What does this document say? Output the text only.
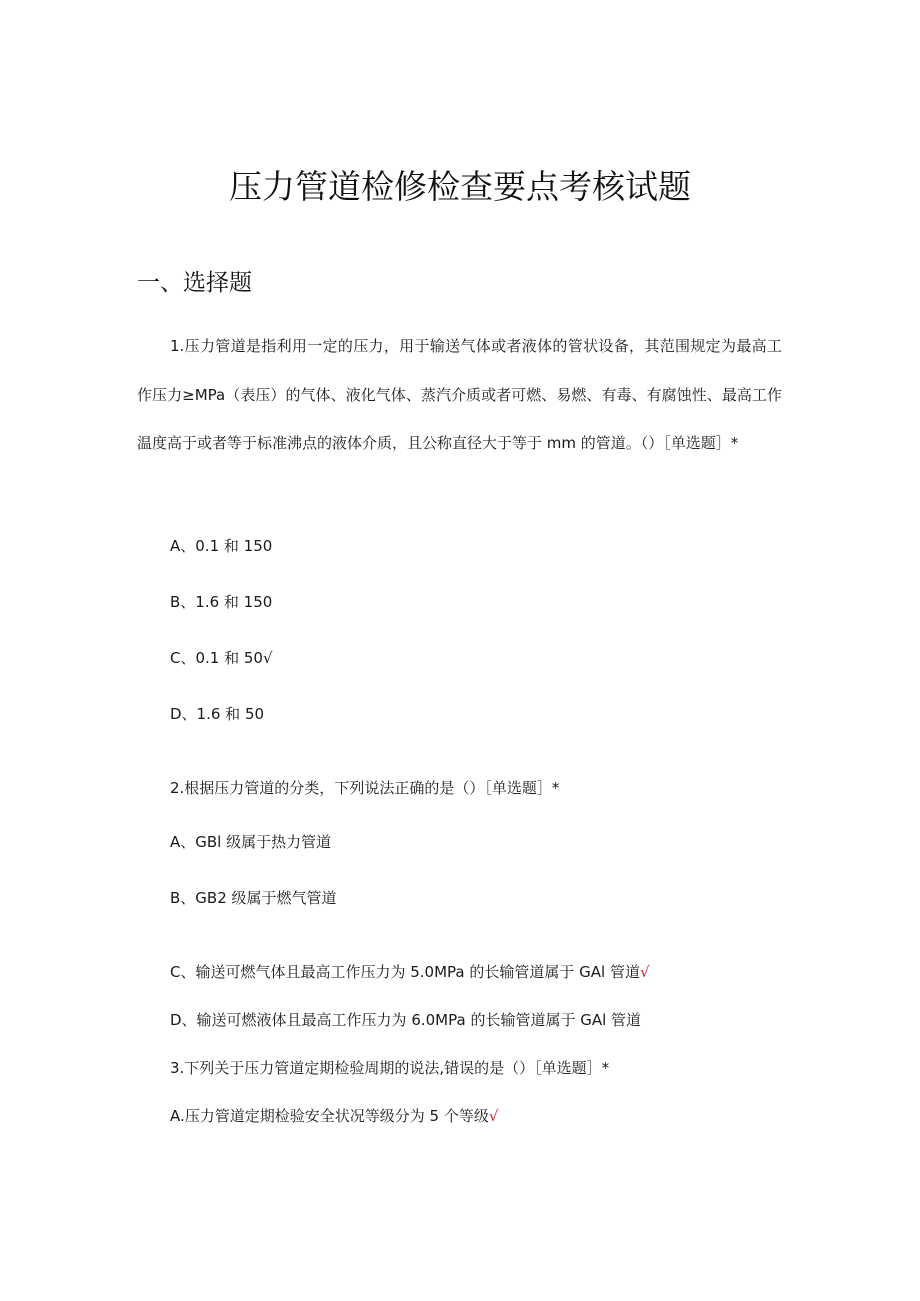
压力管道检修检查要点考核试题
一、选择题
1.压力管道是指利用一定的压力，用于输送气体或者液体的管状设备，其范围规定为最高工作压力≥MPa（表压）的气体、液化气体、蒸汽介质或者可燃、易燃、有毒、有腐蚀性、最高工作温度高于或者等于标准沸点的液体介质，且公称直径大于等于 mm 的管道。（）［单选题］*
A、0.1 和 150
B、1.6 和 150
C、0.1 和 50√
D、1.6 和 50
2.根据压力管道的分类，下列说法正确的是（）［单选题］*
A、GBl 级属于热力管道
B、GB2 级属于燃气管道
C、输送可燃气体且最高工作压力为 5.0MPa 的长输管道属于 GAl 管道√
D、输送可燃液体且最高工作压力为 6.0MPa 的长输管道属于 GAl 管道
3.下列关于压力管道定期检验周期的说法,错误的是（）［单选题］*
A.压力管道定期检验安全状况等级分为 5 个等级√
